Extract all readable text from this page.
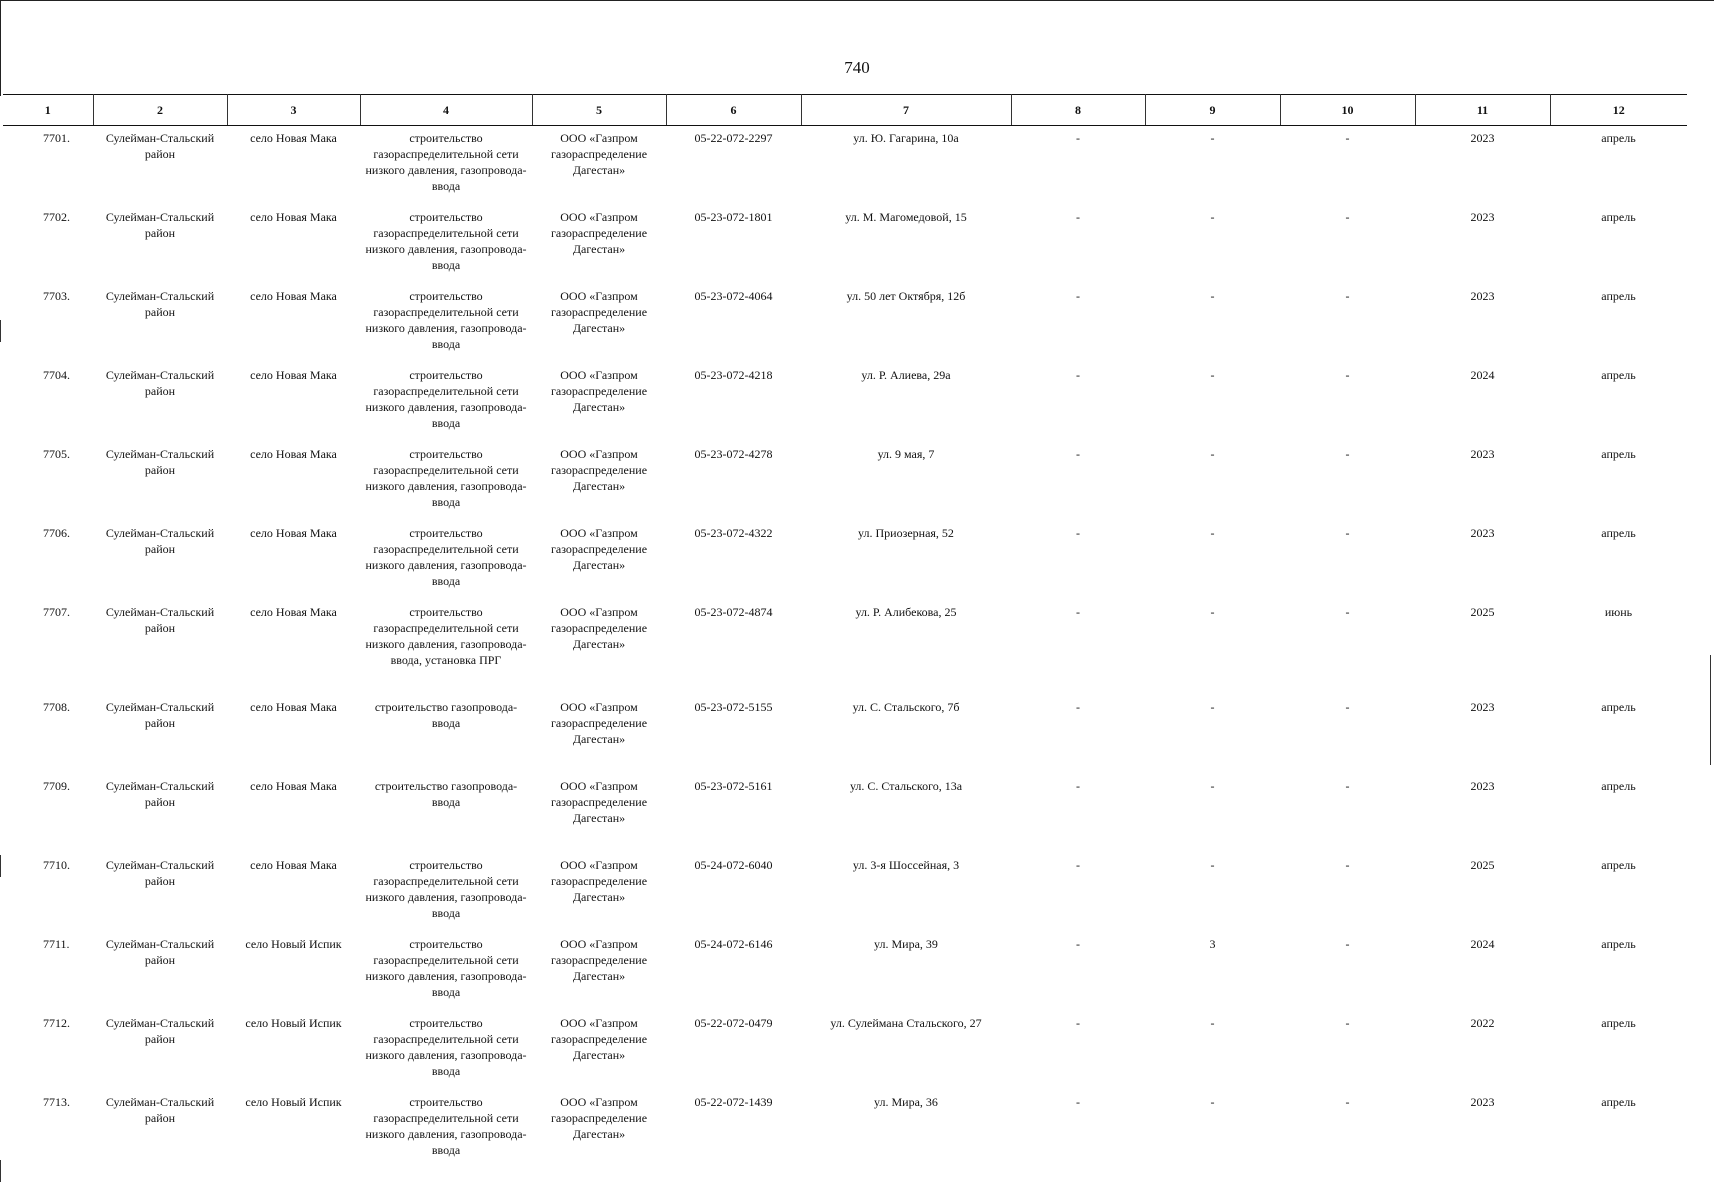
740
1	2	3	4	5	6	7	8	9	10	11	12
7701.	Сулейман-Стальский район	село Новая Мака	строительство газораспределительной сети низкого давления, газопровода-ввода	ООО «Газпром газораспределение Дагестан»	05-22-072-2297	ул. Ю. Гагарина, 10а	-	-	-	2023	апрель
7702.	Сулейман-Стальский район	село Новая Мака	строительство газораспределительной сети низкого давления, газопровода-ввода	ООО «Газпром газораспределение Дагестан»	05-23-072-1801	ул. М. Магомедовой, 15	-	-	-	2023	апрель
7703.	Сулейман-Стальский район	село Новая Мака	строительство газораспределительной сети низкого давления, газопровода-ввода	ООО «Газпром газораспределение Дагестан»	05-23-072-4064	ул. 50 лет Октября, 12б	-	-	-	2023	апрель
7704.	Сулейман-Стальский район	село Новая Мака	строительство газораспределительной сети низкого давления, газопровода-ввода	ООО «Газпром газораспределение Дагестан»	05-23-072-4218	ул. Р. Алиева, 29а	-	-	-	2024	апрель
7705.	Сулейман-Стальский район	село Новая Мака	строительство газораспределительной сети низкого давления, газопровода-ввода	ООО «Газпром газораспределение Дагестан»	05-23-072-4278	ул. 9 мая, 7	-	-	-	2023	апрель
7706.	Сулейман-Стальский район	село Новая Мака	строительство газораспределительной сети низкого давления, газопровода-ввода	ООО «Газпром газораспределение Дагестан»	05-23-072-4322	ул. Приозерная, 52	-	-	-	2023	апрель
7707.	Сулейман-Стальский район	село Новая Мака	строительство газораспределительной сети низкого давления, газопровода-ввода, установка ПРГ	ООО «Газпром газораспределение Дагестан»	05-23-072-4874	ул. Р. Алибекова, 25	-	-	-	2025	июнь
7708.	Сулейман-Стальский район	село Новая Мака	строительство газопровода-ввода	ООО «Газпром газораспределение Дагестан»	05-23-072-5155	ул. С. Стальского, 7б	-	-	-	2023	апрель
7709.	Сулейман-Стальский район	село Новая Мака	строительство газопровода-ввода	ООО «Газпром газораспределение Дагестан»	05-23-072-5161	ул. С. Стальского, 13а	-	-	-	2023	апрель
7710.	Сулейман-Стальский район	село Новая Мака	строительство газораспределительной сети низкого давления, газопровода-ввода	ООО «Газпром газораспределение Дагестан»	05-24-072-6040	ул. 3-я Шоссейная, 3	-	-	-	2025	апрель
7711.	Сулейман-Стальский район	село Новый Испик	строительство газораспределительной сети низкого давления, газопровода-ввода	ООО «Газпром газораспределение Дагестан»	05-24-072-6146	ул. Мира, 39	-	3	-	2024	апрель
7712.	Сулейман-Стальский район	село Новый Испик	строительство газораспределительной сети низкого давления, газопровода-ввода	ООО «Газпром газораспределение Дагестан»	05-22-072-0479	ул. Сулеймана Стальского, 27	-	-	-	2022	апрель
7713.	Сулейман-Стальский район	село Новый Испик	строительство газораспределительной сети низкого давления, газопровода-ввода	ООО «Газпром газораспределение Дагестан»	05-22-072-1439	ул. Мира, 36	-	-	-	2023	апрель
